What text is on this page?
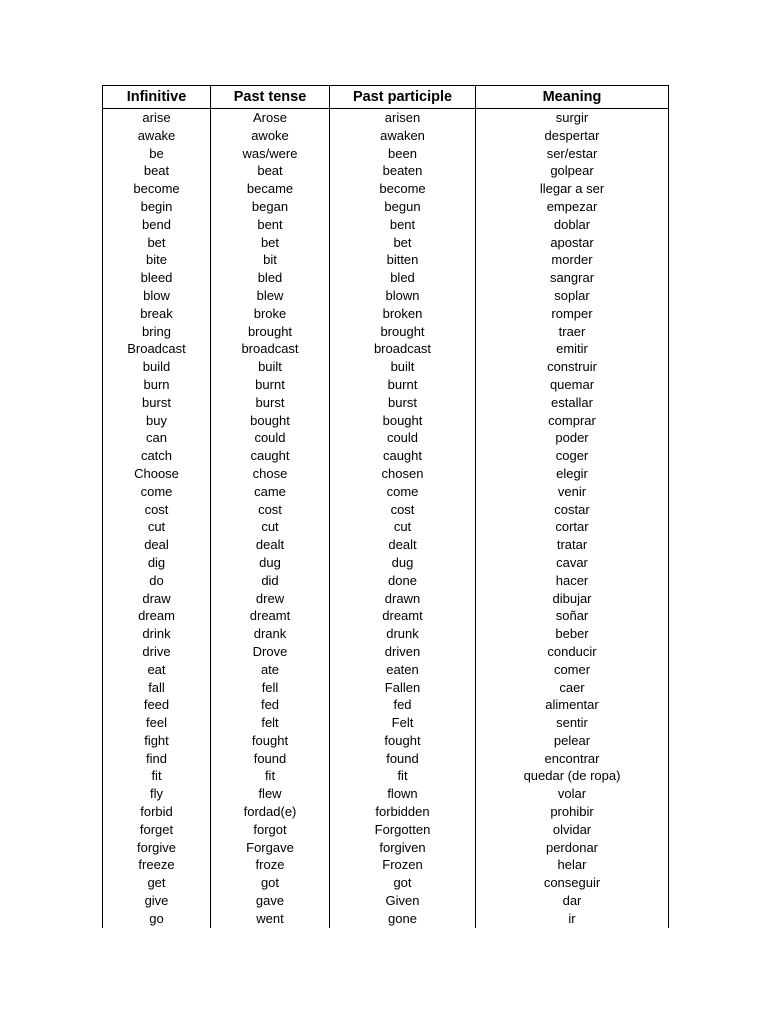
Infinitive	Past tense	Past participle	Meaning
arise	Arose	arisen	surgir
awake	awoke	awaken	despertar
be	was/were	been	ser/estar
beat	beat	beaten	golpear
become	became	become	llegar a ser
begin	began	begun	empezar
bend	bent	bent	doblar
bet	bet	bet	apostar
bite	bit	bitten	morder
bleed	bled	bled	sangrar
blow	blew	blown	soplar
break	broke	broken	romper
bring	brought	brought	traer
Broadcast	broadcast	broadcast	emitir
build	built	built	construir
burn	burnt	burnt	quemar
burst	burst	burst	estallar
buy	bought	bought	comprar
can	could	could	poder
catch	caught	caught	coger
Choose	chose	chosen	elegir
come	came	come	venir
cost	cost	cost	costar
cut	cut	cut	cortar
deal	dealt	dealt	tratar
dig	dug	dug	cavar
do	did	done	hacer
draw	drew	drawn	dibujar
dream	dreamt	dreamt	soñar
drink	drank	drunk	beber
drive	Drove	driven	conducir
eat	ate	eaten	comer
fall	fell	Fallen	caer
feed	fed	fed	alimentar
feel	felt	Felt	sentir
fight	fought	fought	pelear
find	found	found	encontrar
fit	fit	fit	quedar (de ropa)
fly	flew	flown	volar
forbid	fordad(e)	forbidden	prohibir
forget	forgot	Forgotten	olvidar
forgive	Forgave	forgiven	perdonar
freeze	froze	Frozen	helar
get	got	got	conseguir
give	gave	Given	dar
go	went	gone	ir
